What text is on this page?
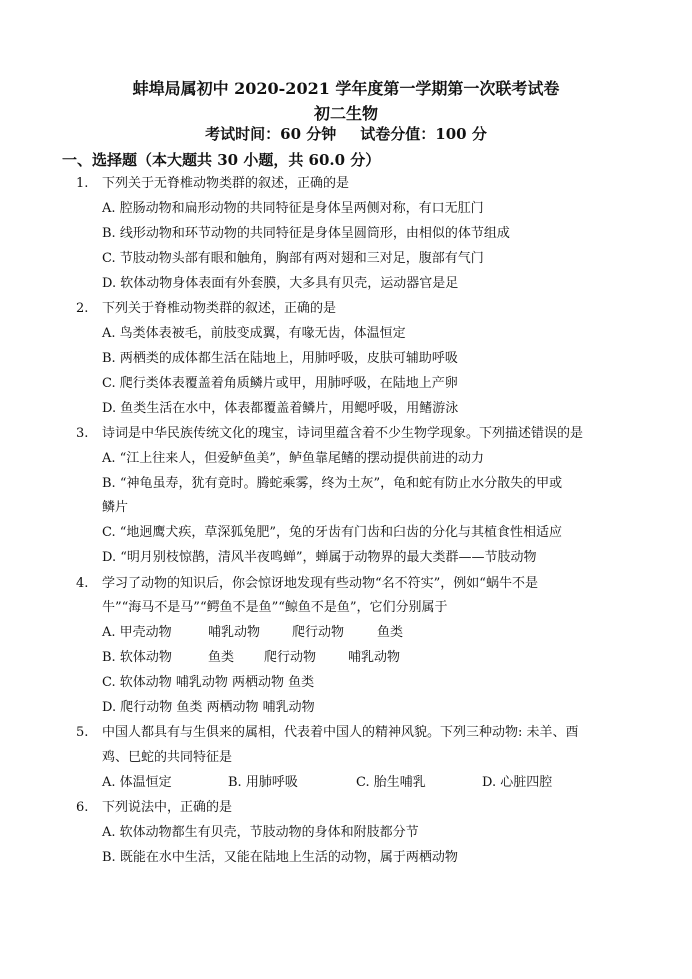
蚌埠局属初中 2020-2021 学年度第一学期第一次联考试卷
初二生物
考试时间：60 分钟 试卷分值：100 分
一、选择题（本大题共 30 小题，共 60.0 分）
1.	下列关于无脊椎动物类群的叙述，正确的是
A. 腔肠动物和扁形动物的共同特征是身体呈两侧对称，有口无肛门
B. 线形动物和环节动物的共同特征是身体呈圆筒形，由相似的体节组成
C. 节肢动物头部有眼和触角，胸部有两对翅和三对足，腹部有气门
D. 软体动物身体表面有外套膜，大多具有贝壳，运动器官是足
2.	下列关于脊椎动物类群的叙述，正确的是
A. 鸟类体表被毛，前肢变成翼，有喙无齿，体温恒定
B. 两栖类的成体都生活在陆地上，用肺呼吸，皮肤可辅助呼吸
C. 爬行类体表覆盖着角质鳞片或甲，用肺呼吸，在陆地上产卵
D. 鱼类生活在水中，体表都覆盖着鳞片，用鳃呼吸，用鳍游泳
3.	诗词是中华民族传统文化的瑰宝，诗词里蕴含着不少生物学现象。下列描述错误的是
A. “江上往来人，但爱鲈鱼美”，鲈鱼靠尾鳍的摆动提供前进的动力
B. “神龟虽寿，犹有竟时。腾蛇乘雾，终为土灰”，龟和蛇有防止水分散失的甲或
鳞片
C. “地迥鹰犬疾，草深狐兔肥”，兔的牙齿有门齿和臼齿的分化与其植食性相适应
D. “明月别枝惊鹊，清风半夜鸣蝉”，蝉属于动物界的最大类群——节肢动物
4.	学习了动物的知识后，你会惊讶地发现有些动物“名不符实”，例如“蜗牛不是
牛”“海马不是马”“鳄鱼不是鱼”“鲸鱼不是鱼”，它们分别属于
A. 甲壳动物	哺乳动物 爬行动物	鱼类
B. 软体动物	鱼类 爬行动物 哺乳动物
C. 软体动物 哺乳动物 两栖动物 鱼类
D. 爬行动物 鱼类 两栖动物 哺乳动物
5.	中国人都具有与生俱来的属相，代表着中国人的精神风貌。下列三种动物: 未羊、酉
鸡、巳蛇的共同特征是
A. 体温恒定	B. 用肺呼吸	C. 胎生哺乳	D. 心脏四腔
6.	下列说法中，正确的是
A. 软体动物都生有贝壳，节肢动物的身体和附肢都分节
B. 既能在水中生活，又能在陆地上生活的动物，属于两栖动物
